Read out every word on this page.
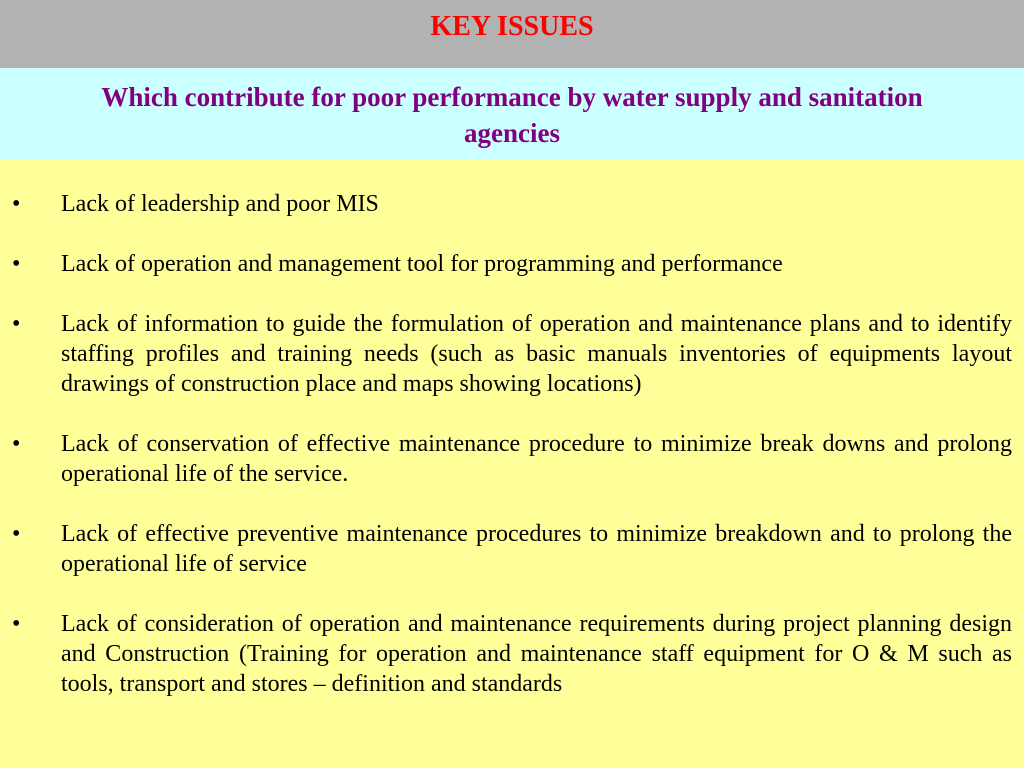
KEY ISSUES
Which contribute for poor performance by water supply and sanitation agencies
•	Lack of leadership and poor MIS
•	Lack of operation and management tool for programming and performance
•	Lack of information to guide the formulation of operation and maintenance plans and to identify staffing profiles and training needs (such as basic manuals inventories of equipments layout drawings of construction place and maps showing locations)
•	Lack of conservation of effective maintenance procedure to minimize break downs and prolong operational life of the service.
•	Lack of effective preventive maintenance procedures to minimize breakdown and to prolong the operational life of service
•	Lack of consideration of operation and maintenance requirements during project planning design and Construction (Training for operation and maintenance staff equipment for O & M such as tools, transport and stores – definition and standards
